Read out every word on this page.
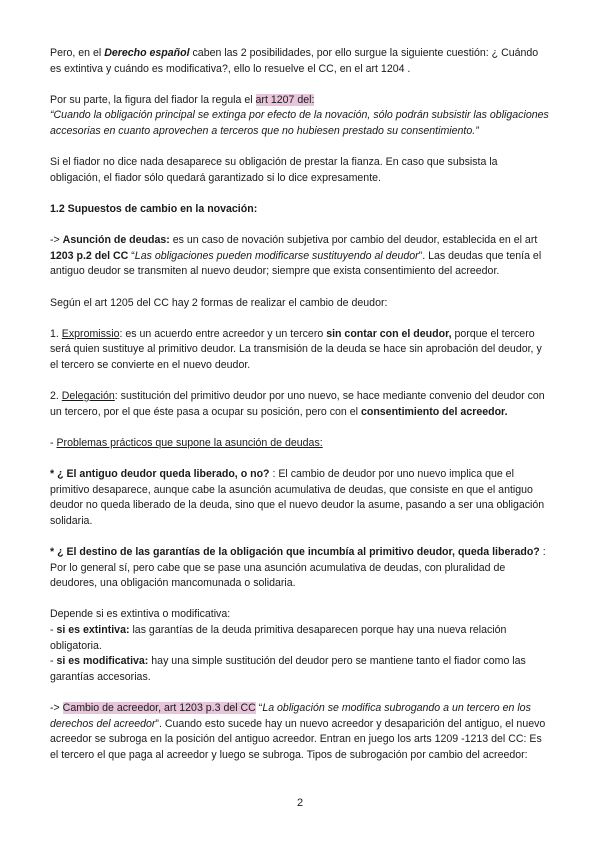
Pero, en el Derecho español caben las 2 posibilidades, por ello surgue la siguiente cuestión: ¿ Cuándo es extintiva y cuándo es modificativa?, ello lo resuelve el CC, en el art 1204 .

Por su parte, la figura del fiador la regula el art 1207 del:
“Cuando la obligación principal se extinga por efecto de la novación, sólo podrán subsistir las obligaciones accesorias en cuanto aprovechen a terceros que no hubiesen prestado su consentimiento.”

Si el fiador no dice nada desaparece su obligación de prestar la fianza. En caso que subsista la obligación, el fiador sólo quedará garantizado si lo dice expresamente.

1.2 Supuestos de cambio en la novación:

-> Asunción de deudas: es un caso de novación subjetiva por cambio del deudor, establecida en el art 1203 p.2 del CC “Las obligaciones pueden modificarse sustituyendo al deudor”. Las deudas que tenía el antiguo deudor se transmiten al nuevo deudor; siempre que exista consentimiento del acreedor.

Según el art 1205 del CC hay 2 formas de realizar el cambio de deudor:

1. Expromissio: es un acuerdo entre acreedor y un tercero sin contar con el deudor, porque el tercero será quien sustituye al primitivo deudor. La transmisión de la deuda se hace sin aprobación del deudor, y el tercero se convierte en el nuevo deudor.

2. Delegación: sustitución del primitivo deudor por uno nuevo, se hace mediante convenio del deudor con un tercero, por el que éste pasa a ocupar su posición, pero con el consentimiento del acreedor.

- Problemas prácticos que supone la asunción de deudas:

* ¿ El antiguo deudor queda liberado, o no? : El cambio de deudor por uno nuevo implica que el primitivo desaparece, aunque cabe la asunción acumulativa de deudas, que consiste en que el antiguo deudor no queda liberado de la deuda, sino que el nuevo deudor la asume, pasando a ser una obligación solidaria.

* ¿ El destino de las garantías de la obligación que incumbía al primitivo deudor, queda liberado? : Por lo general sí, pero cabe que se pase una asunción acumulativa de deudas, con pluralidad de deudores, una obligación mancomunada o solidaria.

Depende si es extintiva o modificativa:
- si es extintiva: las garantías de la deuda primitiva desaparecen porque hay una nueva relación obligatoria.
- si es modificativa: hay una simple sustitución del deudor pero se mantiene tanto el fiador como las garantías accesorias.

-> Cambio de acreedor, art 1203 p.3 del CC “La obligación se modifica subrogando a un tercero en los derechos del acreedor”. Cuando esto sucede hay un nuevo acreedor y desaparición del antiguo, el nuevo acreedor se subroga en la posición del antiguo acreedor. Entran en juego los arts 1209 -1213 del CC: Es el tercero el que paga al acreedor y luego se subroga. Tipos de subrogación por cambio del acreedor:

2
